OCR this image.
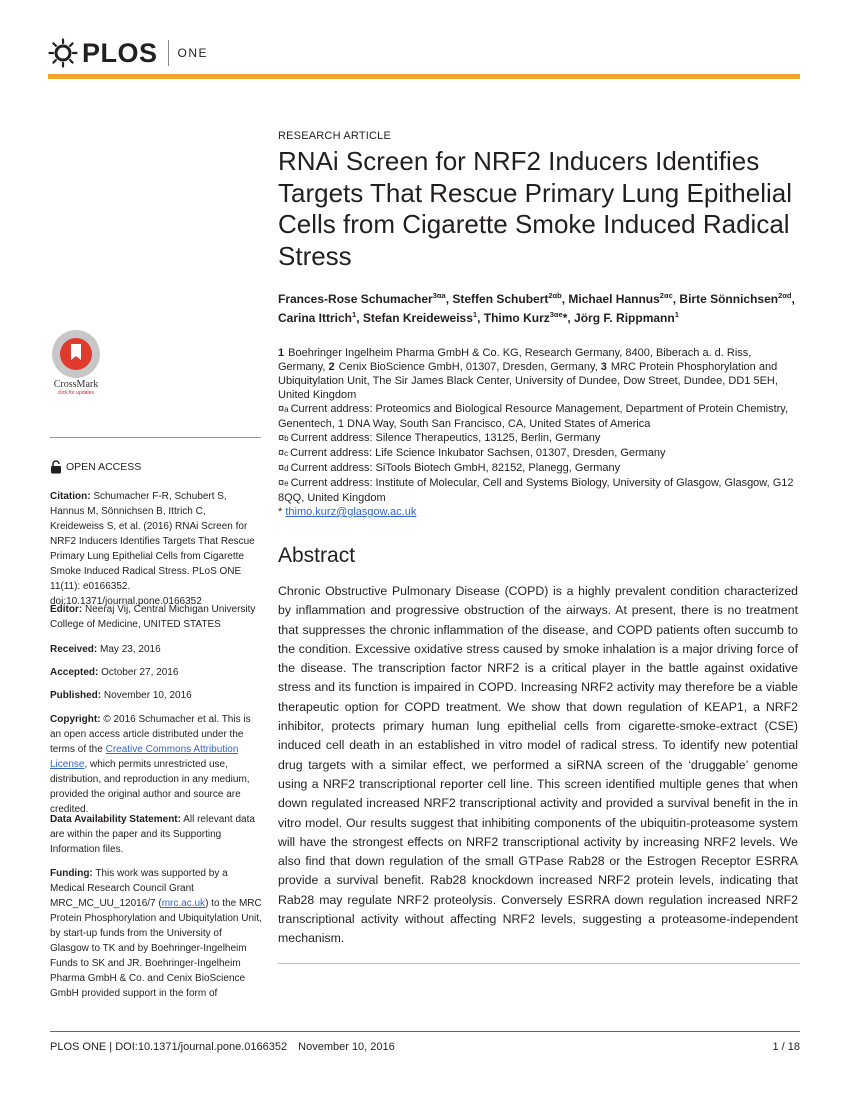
PLOS ONE
RESEARCH ARTICLE
RNAi Screen for NRF2 Inducers Identifies Targets That Rescue Primary Lung Epithelial Cells from Cigarette Smoke Induced Radical Stress
Frances-Rose Schumacher$^{3\alpha a}$, Steffen Schubert$^{2\alpha b}$, Michael Hannus$^{2\alpha c}$, Birte Sönnichsen$^{2\alpha d}$, Carina Ittrich$^1$, Stefan Kreideweiss$^1$, Thimo Kurz$^{3\alpha e}$*, Jörg F. Rippmann$^1$
1 Boehringer Ingelheim Pharma GmbH & Co. KG, Research Germany, 8400, Biberach a. d. Riss, Germany, 2 Cenix BioScience GmbH, 01307, Dresden, Germany, 3 MRC Protein Phosphorylation and Ubiquitylation Unit, The Sir James Black Center, University of Dundee, Dow Street, Dundee, DD1 5EH, United Kingdom
¤a Current address: Proteomics and Biological Resource Management, Department of Protein Chemistry, Genentech, 1 DNA Way, South San Francisco, CA, United States of America
¤b Current address: Silence Therapeutics, 13125, Berlin, Germany
¤c Current address: Life Science Inkubator Sachsen, 01307, Dresden, Germany
¤d Current address: SiTools Biotech GmbH, 82152, Planegg, Germany
¤e Current address: Institute of Molecular, Cell and Systems Biology, University of Glasgow, Glasgow, G12 8QQ, United Kingdom
* thimo.kurz@glasgow.ac.uk
Abstract

Chronic Obstructive Pulmonary Disease (COPD) is a highly prevalent condition characterized by inflammation and progressive obstruction of the airways. At present, there is no treatment that suppresses the chronic inflammation of the disease, and COPD patients often succumb to the condition. Excessive oxidative stress caused by smoke inhalation is a major driving force of the disease. The transcription factor NRF2 is a critical player in the battle against oxidative stress and its function is impaired in COPD. Increasing NRF2 activity may therefore be a viable therapeutic option for COPD treatment. We show that down regulation of KEAP1, a NRF2 inhibitor, protects primary human lung epithelial cells from cigarette-smoke-extract (CSE) induced cell death in an established in vitro model of radical stress. To identify new potential drug targets with a similar effect, we performed a siRNA screen of the ‘druggable’ genome using a NRF2 transcriptional reporter cell line. This screen identified multiple genes that when down regulated increased NRF2 transcriptional activity and provided a survival benefit in the in vitro model. Our results suggest that inhibiting components of the ubiquitin-proteasome system will have the strongest effects on NRF2 transcriptional activity by increasing NRF2 levels. We also find that down regulation of the small GTPase Rab28 or the Estrogen Receptor ESRRA provide a survival benefit. Rab28 knockdown increased NRF2 protein levels, indicating that Rab28 may regulate NRF2 proteolysis. Conversely ESRRA down regulation increased NRF2 transcriptional activity without affecting NRF2 levels, suggesting a proteasome-independent mechanism.

CrossMark
click for updates
OPEN ACCESS
Citation: Schumacher F-R, Schubert S, Hannus M, Sönnichsen B, Ittrich C, Kreideweiss S, et al. (2016) RNAi Screen for NRF2 Inducers Identifies Targets That Rescue Primary Lung Epithelial Cells from Cigarette Smoke Induced Radical Stress. PLoS ONE 11(11): e0166352. doi:10.1371/journal.pone.0166352
Editor: Neeraj Vij, Central Michigan University College of Medicine, UNITED STATES
Received: May 23, 2016
Accepted: October 27, 2016
Published: November 10, 2016
Copyright: © 2016 Schumacher et al. This is an open access article distributed under the terms of the Creative Commons Attribution License, which permits unrestricted use, distribution, and reproduction in any medium, provided the original author and source are credited.
Data Availability Statement: All relevant data are within the paper and its Supporting Information files.
Funding: This work was supported by a Medical Research Council Grant MRC_MC_UU_12016/7 (mrc.ac.uk) to the MRC Protein Phosphorylation and Ubiquitylation Unit, by start-up funds from the University of Glasgow to TK and by Boehringer-Ingelheim Funds to SK and JR. Boehringer-Ingelheim Pharma GmbH & Co. and Cenix BioScience GmbH provided support in the form of
PLOS ONE | DOI:10.1371/journal.pone.0166352 November 10, 2016	1 / 18
